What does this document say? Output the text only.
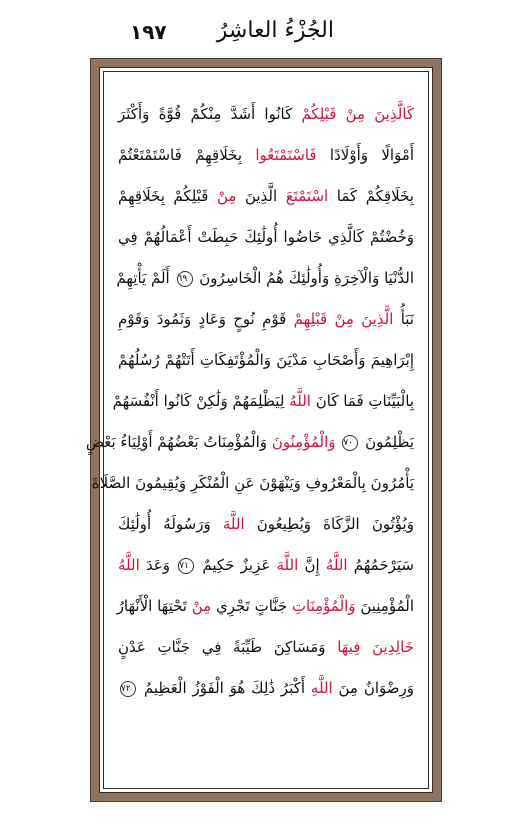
١٩٧ الجُزْءُ العاشِرُ
كَالَّذِينَ مِنْ قَبْلِكُمْ كَانُوا أَشَدَّ مِنْكُمْ قُوَّةً وَأَكْثَرَ
أَمْوَالًا وَأَوْلَادًا فَاسْتَمْتَعُوا بِخَلَاقِهِمْ فَاسْتَمْتَعْتُمْ
بِخَلَاقِكُمْ كَمَا اسْتَمْتَعَ الَّذِينَ مِنْ قَبْلِكُمْ بِخَلَاقِهِمْ
وَخُضْتُمْ كَالَّذِي خَاضُوا أُولَٰئِكَ حَبِطَتْ أَعْمَالُهُمْ فِي
الدُّنْيَا وَالْآخِرَةِ وَأُولَٰئِكَ هُمُ الْخَاسِرُونَ ٦٩ أَلَمْ يَأْتِهِمْ
نَبَأُ الَّذِينَ مِنْ قَبْلِهِمْ قَوْمِ نُوحٍ وَعَادٍ وَثَمُودَ وَقَوْمِ
إِبْرَاهِيمَ وَأَصْحَابِ مَدْيَنَ وَالْمُؤْتَفِكَاتِ أَتَتْهُمْ رُسُلُهُمْ
بِالْبَيِّنَاتِ فَمَا كَانَ اللَّهُ لِيَظْلِمَهُمْ وَلَٰكِنْ كَانُوا أَنْفُسَهُمْ
يَظْلِمُونَ ٧٠ وَالْمُؤْمِنُونَ وَالْمُؤْمِنَاتُ بَعْضُهُمْ أَوْلِيَاءُ بَعْضٍ
يَأْمُرُونَ بِالْمَعْرُوفِ وَيَنْهَوْنَ عَنِ الْمُنْكَرِ وَيُقِيمُونَ الصَّلَاةَ
وَيُؤْتُونَ الزَّكَاةَ وَيُطِيعُونَ اللَّهَ وَرَسُولَهُ أُولَٰئِكَ
سَيَرْحَمُهُمُ اللَّهُ إِنَّ اللَّهَ عَزِيزٌ حَكِيمٌ ٧١ وَعَدَ اللَّهُ
الْمُؤْمِنِينَ وَالْمُؤْمِنَاتِ جَنَّاتٍ تَجْرِي مِنْ تَحْتِهَا الْأَنْهَارُ
خَالِدِينَ فِيهَا وَمَسَاكِنَ طَيِّبَةً فِي جَنَّاتِ عَدْنٍ
وَرِضْوَانٌ مِنَ اللَّهِ أَكْبَرُ ذَٰلِكَ هُوَ الْفَوْزُ الْعَظِيمُ ٧٢
